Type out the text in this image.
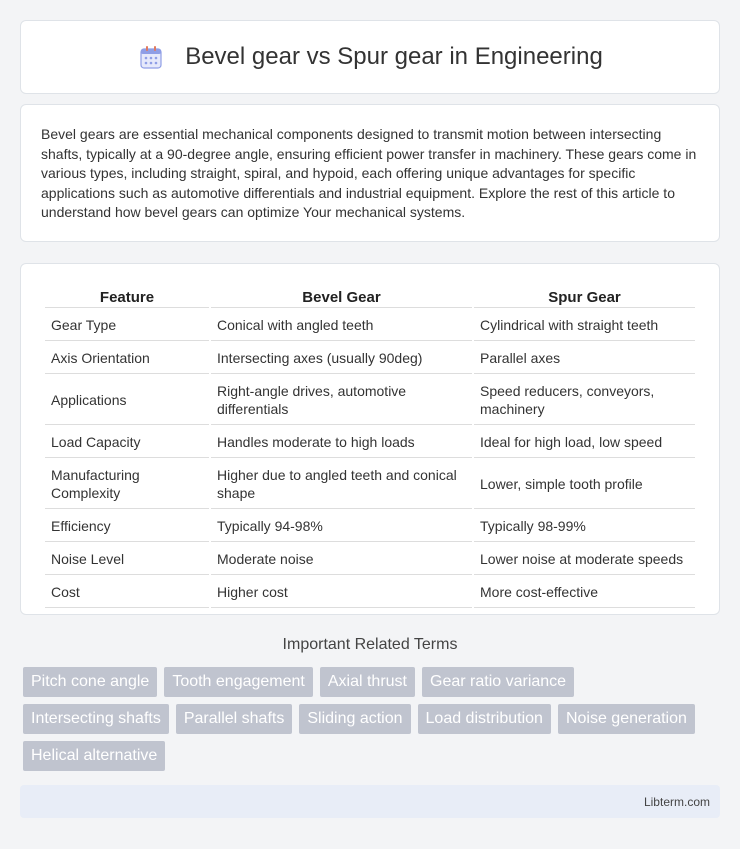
Bevel gear vs Spur gear in Engineering

Bevel gears are essential mechanical components designed to transmit motion between intersecting shafts, typically at a 90-degree angle, ensuring efficient power transfer in machinery. These gears come in various types, including straight, spiral, and hypoid, each offering unique advantages for specific applications such as automotive differentials and industrial equipment. Explore the rest of this article to understand how bevel gears can optimize Your mechanical systems.

Feature	Bevel Gear	Spur Gear
Gear Type	Conical with angled teeth	Cylindrical with straight teeth
Axis Orientation	Intersecting axes (usually 90deg)	Parallel axes
Applications	Right-angle drives, automotive differentials	Speed reducers, conveyors, machinery
Load Capacity	Handles moderate to high loads	Ideal for high load, low speed
Manufacturing Complexity	Higher due to angled teeth and conical shape	Lower, simple tooth profile
Efficiency	Typically 94-98%	Typically 98-99%
Noise Level	Moderate noise	Lower noise at moderate speeds
Cost	Higher cost	More cost-effective
Important Related Terms
Pitch cone angle	Tooth engagement	Axial thrust	Gear ratio variance
Intersecting shafts	Parallel shafts	Sliding action	Load distribution	Noise generation
Helical alternative
Libterm.com
